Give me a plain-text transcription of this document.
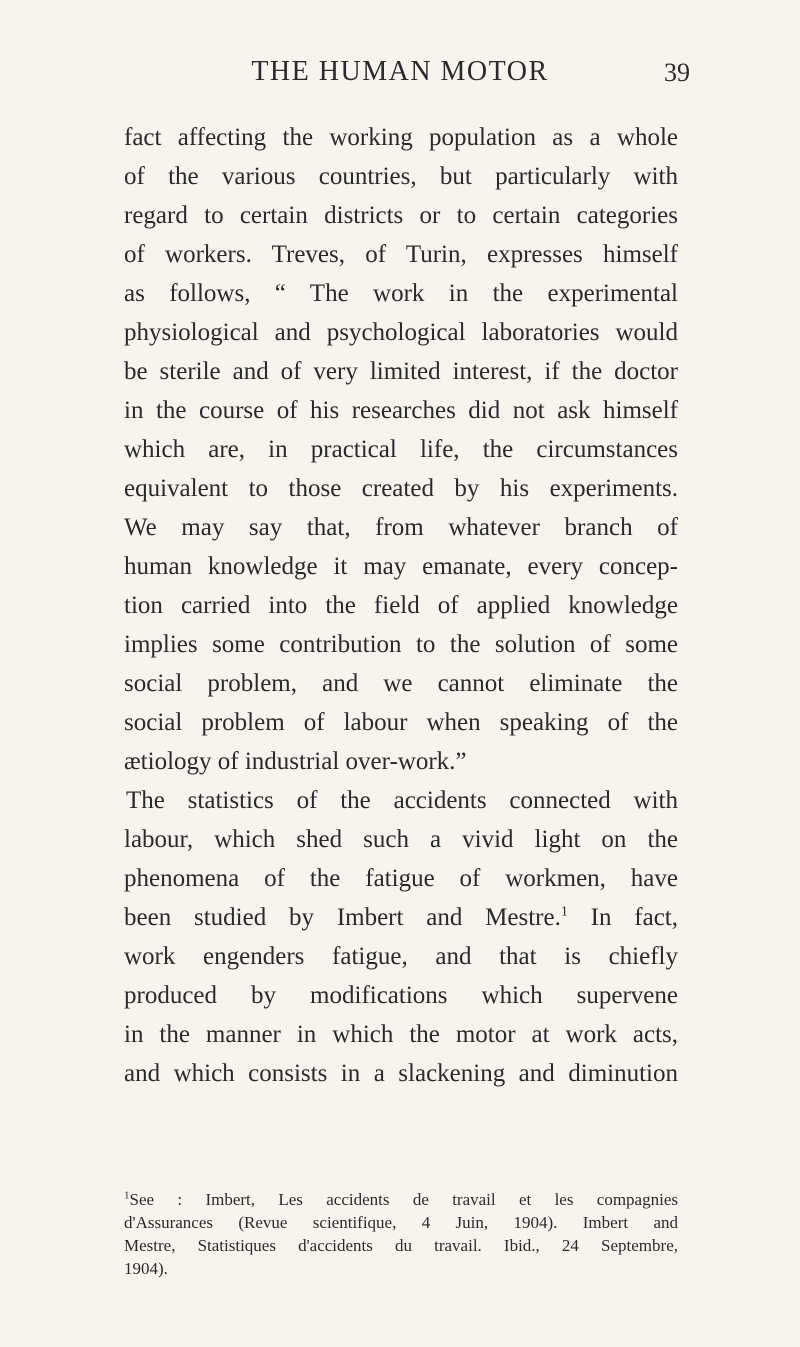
THE HUMAN MOTOR	39
fact affecting the working population as a whole
of the various countries, but particularly with
regard to certain districts or to certain categories
of workers. Treves, of Turin, expresses himself
as follows, “ The work in the experimental
physiological and psychological laboratories would
be sterile and of very limited interest, if the doctor
in the course of his researches did not ask himself
which are, in practical life, the circumstances
equivalent to those created by his experiments.
We may say that, from whatever branch of
human knowledge it may emanate, every concep-
tion carried into the field of applied knowledge
implies some contribution to the solution of some
social problem, and we cannot eliminate the
social problem of labour when speaking of the
ætiology of industrial over-work.”
The statistics of the accidents connected with
labour, which shed such a vivid light on the
phenomena of the fatigue of workmen, have
been studied by Imbert and Mestre.$^1$ In fact,
work engenders fatigue, and that is chiefly
produced by modifications which supervene
in the manner in which the motor at work acts,
and which consists in a slackening and diminution
$^1$See : Imbert, Les accidents de travail et les compagnies
d'Assurances (Revue scientifique, 4 Juin, 1904). Imbert and
Mestre, Statistiques d'accidents du travail. Ibid., 24 Septembre,
1904).
